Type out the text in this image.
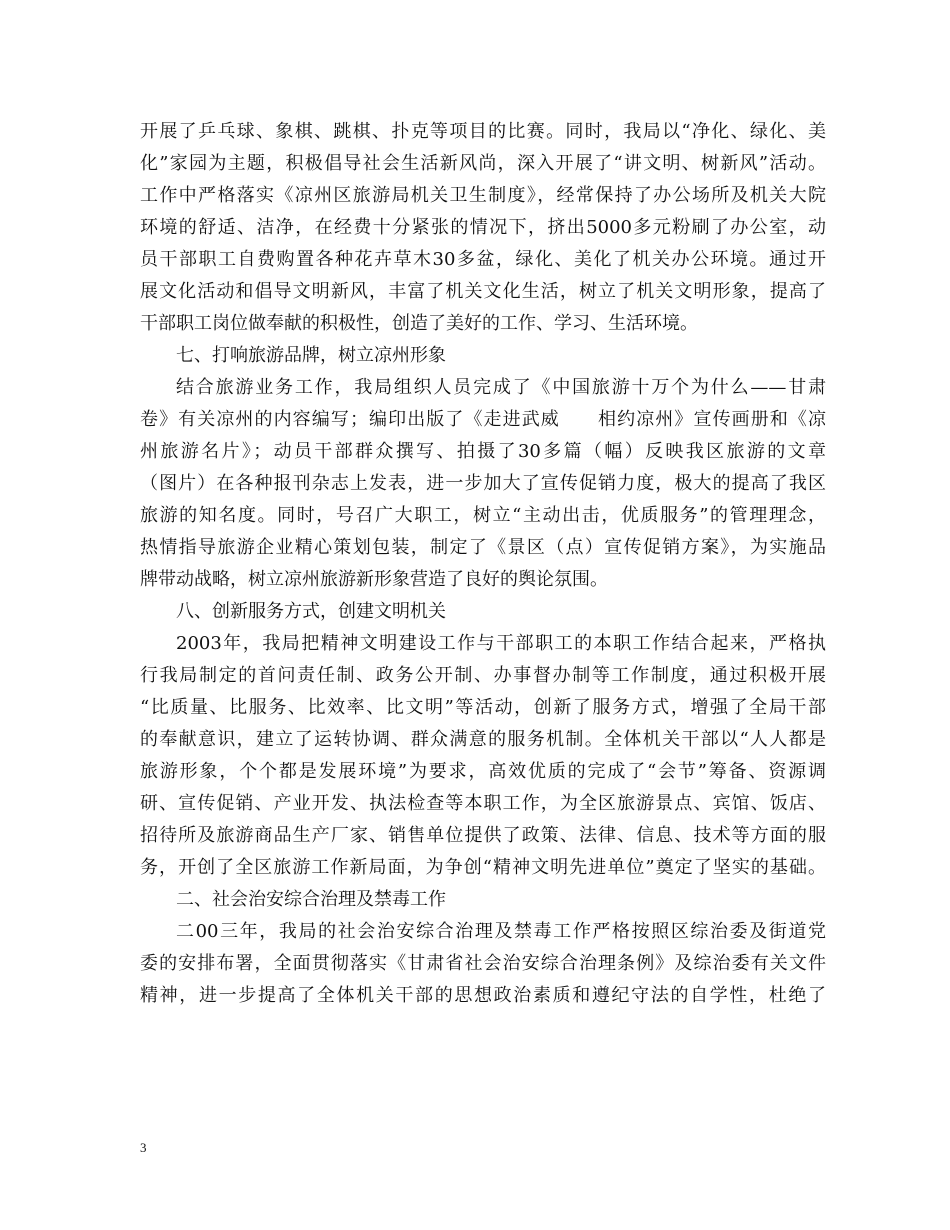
开展了乒乓球、象棋、跳棋、扑克等项目的比赛。同时，我局以“净化、绿化、美
化”家园为主题，积极倡导社会生活新风尚，深入开展了“讲文明、树新风”活动。
工作中严格落实《凉州区旅游局机关卫生制度》，经常保持了办公场所及机关大院
环境的舒适、洁净，在经费十分紧张的情况下，挤出5000多元粉刷了办公室，动
员干部职工自费购置各种花卉草木30多盆，绿化、美化了机关办公环境。通过开
展文化活动和倡导文明新风，丰富了机关文化生活，树立了机关文明形象，提高了
干部职工岗位做奉献的积极性，创造了美好的工作、学习、生活环境。
七、打响旅游品牌，树立凉州形象
结合旅游业务工作，我局组织人员完成了《中国旅游十万个为什么——甘肃
卷》有关凉州的内容编写；编印出版了《走进武威　　相约凉州》宣传画册和《凉
州旅游名片》；动员干部群众撰写、拍摄了30多篇（幅）反映我区旅游的文章
（图片）在各种报刊杂志上发表，进一步加大了宣传促销力度，极大的提高了我区
旅游的知名度。同时，号召广大职工，树立“主动出击，优质服务”的管理理念，
热情指导旅游企业精心策划包装，制定了《景区（点）宣传促销方案》，为实施品
牌带动战略，树立凉州旅游新形象营造了良好的舆论氛围。
八、创新服务方式，创建文明机关
2003年，我局把精神文明建设工作与干部职工的本职工作结合起来，严格执
行我局制定的首问责任制、政务公开制、办事督办制等工作制度，通过积极开展
“比质量、比服务、比效率、比文明”等活动，创新了服务方式，增强了全局干部
的奉献意识，建立了运转协调、群众满意的服务机制。全体机关干部以“人人都是
旅游形象，个个都是发展环境”为要求，高效优质的完成了“会节”筹备、资源调
研、宣传促销、产业开发、执法检查等本职工作，为全区旅游景点、宾馆、饭店、
招待所及旅游商品生产厂家、销售单位提供了政策、法律、信息、技术等方面的服
务，开创了全区旅游工作新局面，为争创“精神文明先进单位”奠定了坚实的基础。
二、社会治安综合治理及禁毒工作
二00三年，我局的社会治安综合治理及禁毒工作严格按照区综治委及街道党
委的安排布署，全面贯彻落实《甘肃省社会治安综合治理条例》及综治委有关文件
精神，进一步提高了全体机关干部的思想政治素质和遵纪守法的自学性，杜绝了
3
